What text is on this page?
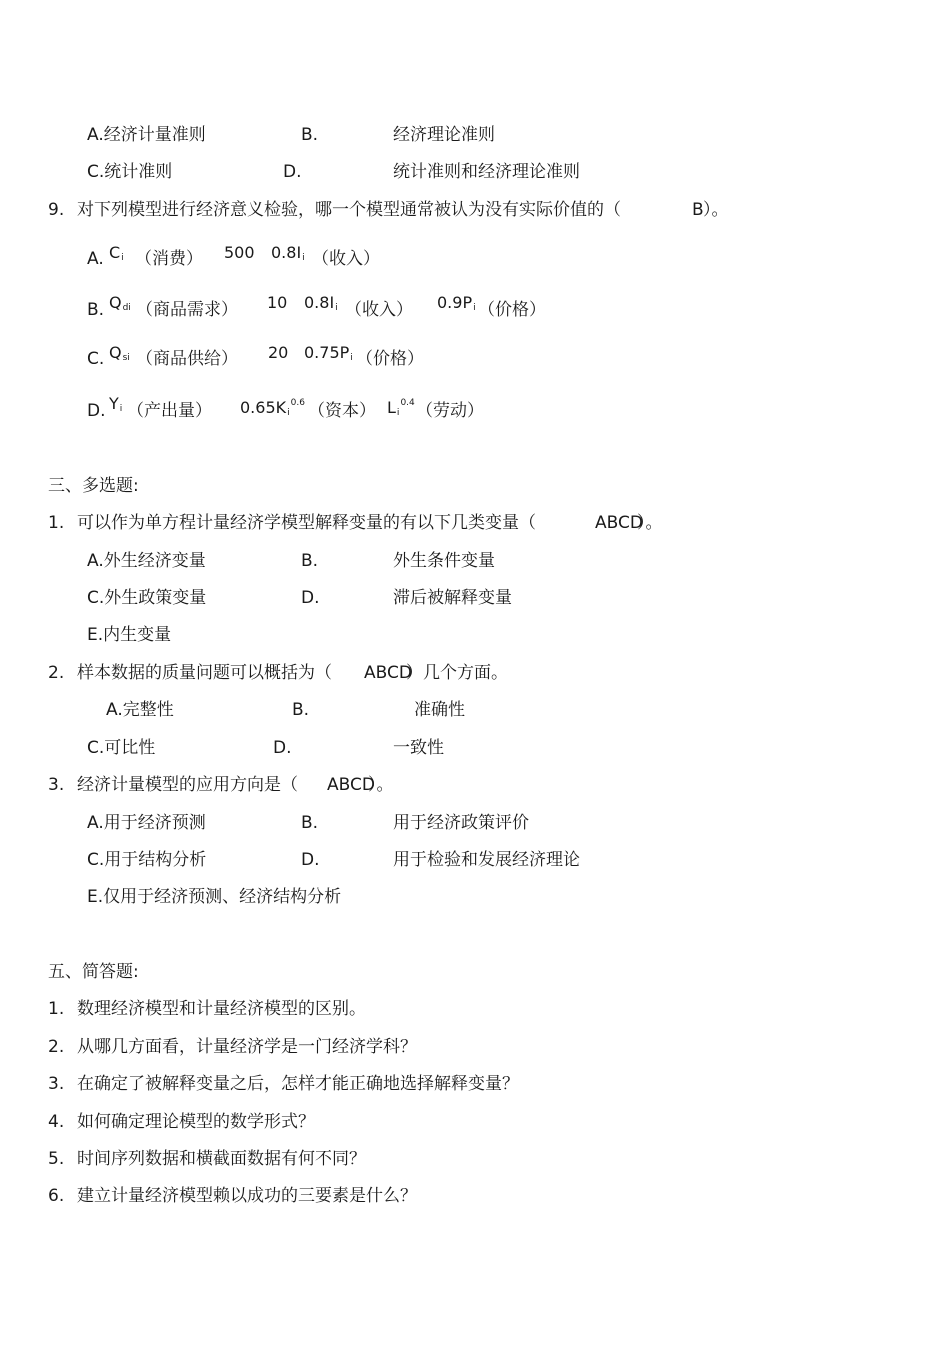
A.经济计量准则	B.	经济理论准则
C.统计准则	D.	统计准则和经济理论准则
9. 对下列模型进行经济意义检验，哪一个模型通常被认为没有实际价值的（	B ）。
A. $C_i$ （消费） 500 $0.8I_i$ （收入）
B. $Q_{di}$ （商品需求） 10 $0.8I_i$ （收入） $0.9P_i$ （价格）
C. $Q_{si}$ （商品供给） 20 $0.75P_i$ （价格）
D. $Y_i$ （产出量） $0.65K_i^{0.6}$ （资本） $L_i^{0.4}$ （劳动）
三、多选题:
1. 可以作为单方程计量经济学模型解释变量的有以下几类变量（	ABCD
）。
A.外生经济变量	B.	外生条件变量
C.外生政策变量	D.	滞后被解释变量
E.内生变量
2. 样本数据的质量问题可以概括为（ ABCD
）几个方面。
A.完整性	B.	准确性
C.可比性	D.	一致性
3. 经济计量模型的应用方向是（ ABCD
）。
A.用于经济预测	B.	用于经济政策评价
C.用于结构分析	D.	用于检验和发展经济理论
E.仅用于经济预测、经济结构分析
五、简答题:
1. 数理经济模型和计量经济模型的区别。
2. 从哪几方面看，计量经济学是一门经济学科？
3. 在确定了被解释变量之后，怎样才能正确地选择解释变量？
4. 如何确定理论模型的数学形式？
5. 时间序列数据和横截面数据有何不同？
6. 建立计量经济模型赖以成功的三要素是什么？
